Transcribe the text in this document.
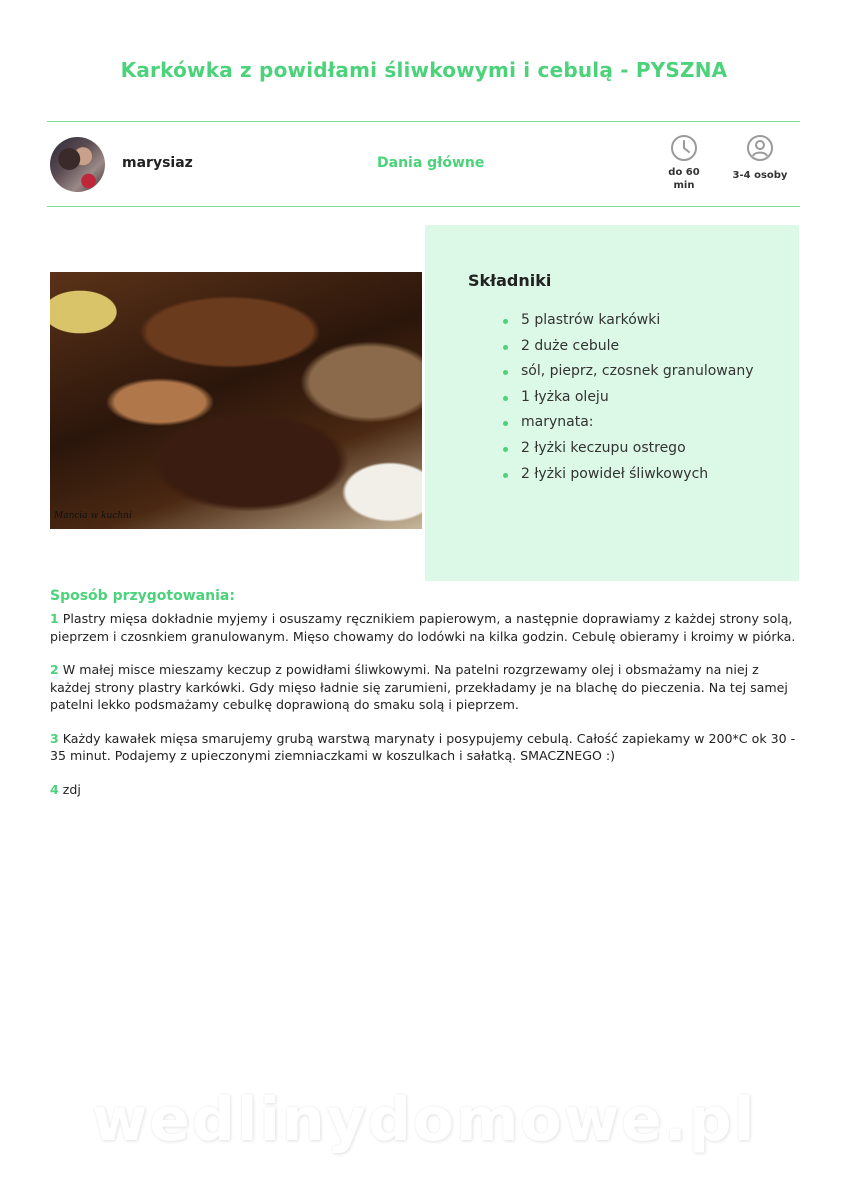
Karkówka z powidłami śliwkowymi i cebulą - PYSZNA
marysiaz	Dania główne
do 60
min
3-4 osoby
Mancia w kuchni
Składniki
5 plastrów karkówki
2 duże cebule
sól, pieprz, czosnek granulowany
1 łyżka oleju
marynata:
2 łyżki keczupu ostrego
2 łyżki powideł śliwkowych
Sposób przygotowania:

1 Plastry mięsa dokładnie myjemy i osuszamy ręcznikiem papierowym, a następnie doprawiamy z każdej strony solą, pieprzem i czosnkiem granulowanym. Mięso chowamy do lodówki na kilka godzin. Cebulę obieramy i kroimy w piórka.

2 W małej misce mieszamy keczup z powidłami śliwkowymi. Na patelni rozgrzewamy olej i obsmażamy na niej z każdej strony plastry karkówki. Gdy mięso ładnie się zarumieni, przekładamy je na blachę do pieczenia. Na tej samej patelni lekko podsmażamy cebulkę doprawioną do smaku solą i pieprzem.

3 Każdy kawałek mięsa smarujemy grubą warstwą marynaty i posypujemy cebulą. Całość zapiekamy w 200*C ok 30 - 35 minut. Podajemy z upieczonymi ziemniaczkami w koszulkach i sałatką. SMACZNEGO :)

4 zdj

wedlinydomowe.pl
